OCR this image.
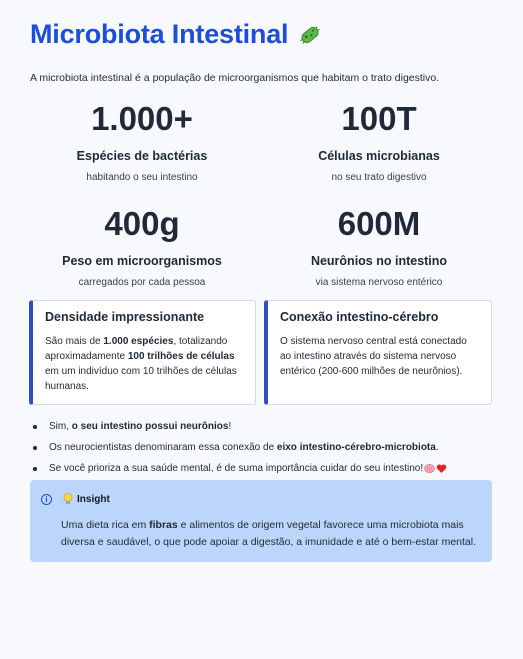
Microbiota Intestinal

A microbiota intestinal é a população de microorganismos que habitam o trato digestivo.

1.000+
Espécies de bactérias
habitando o seu intestino
100T
Células microbianas
no seu trato digestivo
400g
Peso em microorganismos
carregados por cada pessoa
600M
Neurônios no intestino
via sistema nervoso entérico
Densidade impressionante
São mais de 1.000 espécies, totalizando aproximadamente 100 trilhões de células em um indivíduo com 10 trilhões de células humanas.
Conexão intestino-cérebro
O sistema nervoso central está conectado ao intestino através do sistema nervoso entérico (200-600 milhões de neurônios).
Sim, o seu intestino possui neurônios!
Os neurocientistas denominaram essa conexão de eixo intestino-cérebro-microbiota.
Se você prioriza a sua saúde mental, é de suma importância cuidar do seu intestino!
i	Insight

Uma dieta rica em fibras e alimentos de origem vegetal favorece uma microbiota mais diversa e saudável, o que pode apoiar a digestão, a imunidade e até o bem-estar mental.
